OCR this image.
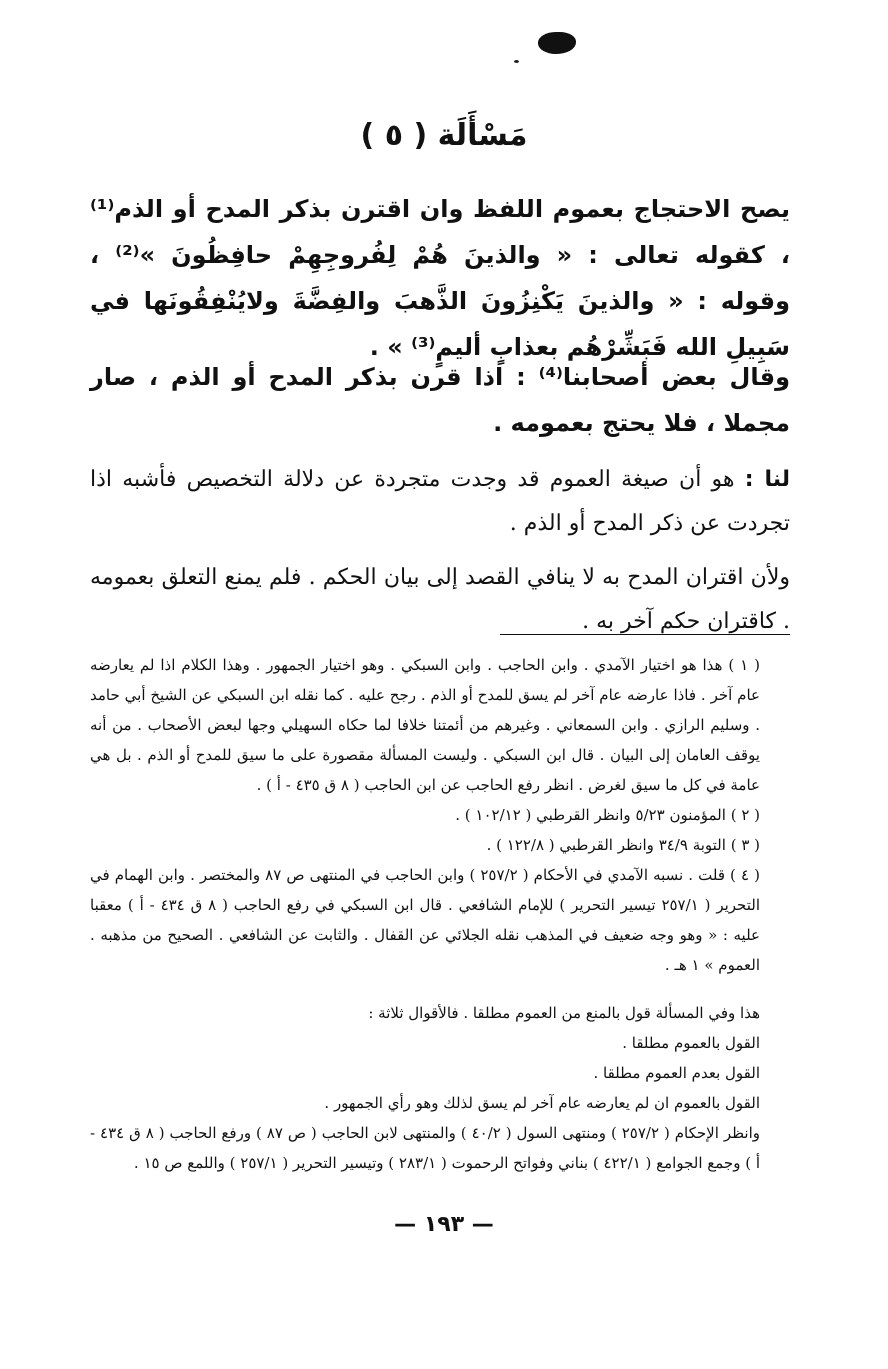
مَسْأَلَة ( ٥ )

يصح الاحتجاج بعموم اللفظ وان اقترن بذكر المدح أو الذم⁽¹⁾ ، كقوله تعالى : « والذينَ هُمْ لِفُروجِهِمْ حافِظُونَ »⁽²⁾ ، وقوله : « والذينَ يَكْنِزُونَ الذَّهبَ والفِضَّةَ ولايُنْفِقُونَها في سَبِيلِ الله فَبَشِّرْهُم بعذابٍ أليمٍ⁽³⁾ » .

وقال بعض أصحابنا⁽⁴⁾ : اذا قرن بذكر المدح أو الذم ، صار مجملا ، فلا يحتج بعمومه .

لنا : هو أن صيغة العموم قد وجدت متجردة عن دلالة التخصيص فأشبه اذا تجردت عن ذكر المدح أو الذم .

ولأن اقتران المدح به لا ينافي القصد إلى بيان الحكم . فلم يمنع التعلق بعمومه . كاقتران حكم آخر به .

( ١ ) هذا هو اختيار الآمدي . وابن الحاجب . وابن السبكي . وهو اختيار الجمهور . وهذا الكلام اذا لم يعارضه عام آخر . فاذا عارضه عام آخر لم يسق للمدح أو الذم . رجح عليه . كما نقله ابن السبكي عن الشيخ أبي حامد . وسليم الرازي . وابن السمعاني . وغيرهم من أئمتنا خلافا لما حكاه السهيلي وجها لبعض الأصحاب . من أنه يوقف العامان إلى البيان . قال ابن السبكي . وليست المسألة مقصورة على ما سيق للمدح أو الذم . بل هي عامة في كل ما سيق لغرض . انظر رفع الحاجب عن ابن الحاجب ( ٨ ق ٤٣٥ - أ ) .

( ٢ ) المؤمنون ٥/٢٣ وانظر القرطبي ( ١٠٢/١٢ ) .

( ٣ ) التوبة ٣٤/٩ وانظر القرطبي ( ١٢٢/٨ ) .

( ٤ ) قلت . نسبه الآمدي في الأحكام ( ٢٥٧/٢ ) وابن الحاجب في المنتهى ص ٨٧ والمختصر . وابن الهمام في التحرير ( ٢٥٧/١ تيسير التحرير ) للإمام الشافعي . قال ابن السبكي في رفع الحاجب ( ٨ ق ٤٣٤ - أ ) معقبا عليه : « وهو وجه ضعيف في المذهب نقله الجلائي عن القفال . والثابت عن الشافعي . الصحيح من مذهبه . العموم » ١ هـ .

هذا وفي المسألة قول بالمنع من العموم مطلقا . فالأقوال ثلاثة :

القول بالعموم مطلقا .

القول بعدم العموم مطلقا .

القول بالعموم ان لم يعارضه عام آخر لم يسق لذلك وهو رأي الجمهور .

وانظر الإحكام ( ٢٥٧/٢ ) ومنتهى السول ( ٤٠/٢ ) والمنتهى لابن الحاجب ( ص ٨٧ ) ورفع الحاجب ( ٨ ق ٤٣٤ - أ ) وجمع الجوامع ( ٤٢٢/١ ) بناني وفواتح الرحموت ( ٢٨٣/١ ) وتيسير التحرير ( ٢٥٧/١ ) واللمع ص ١٥ .

— ١٩٣ —
